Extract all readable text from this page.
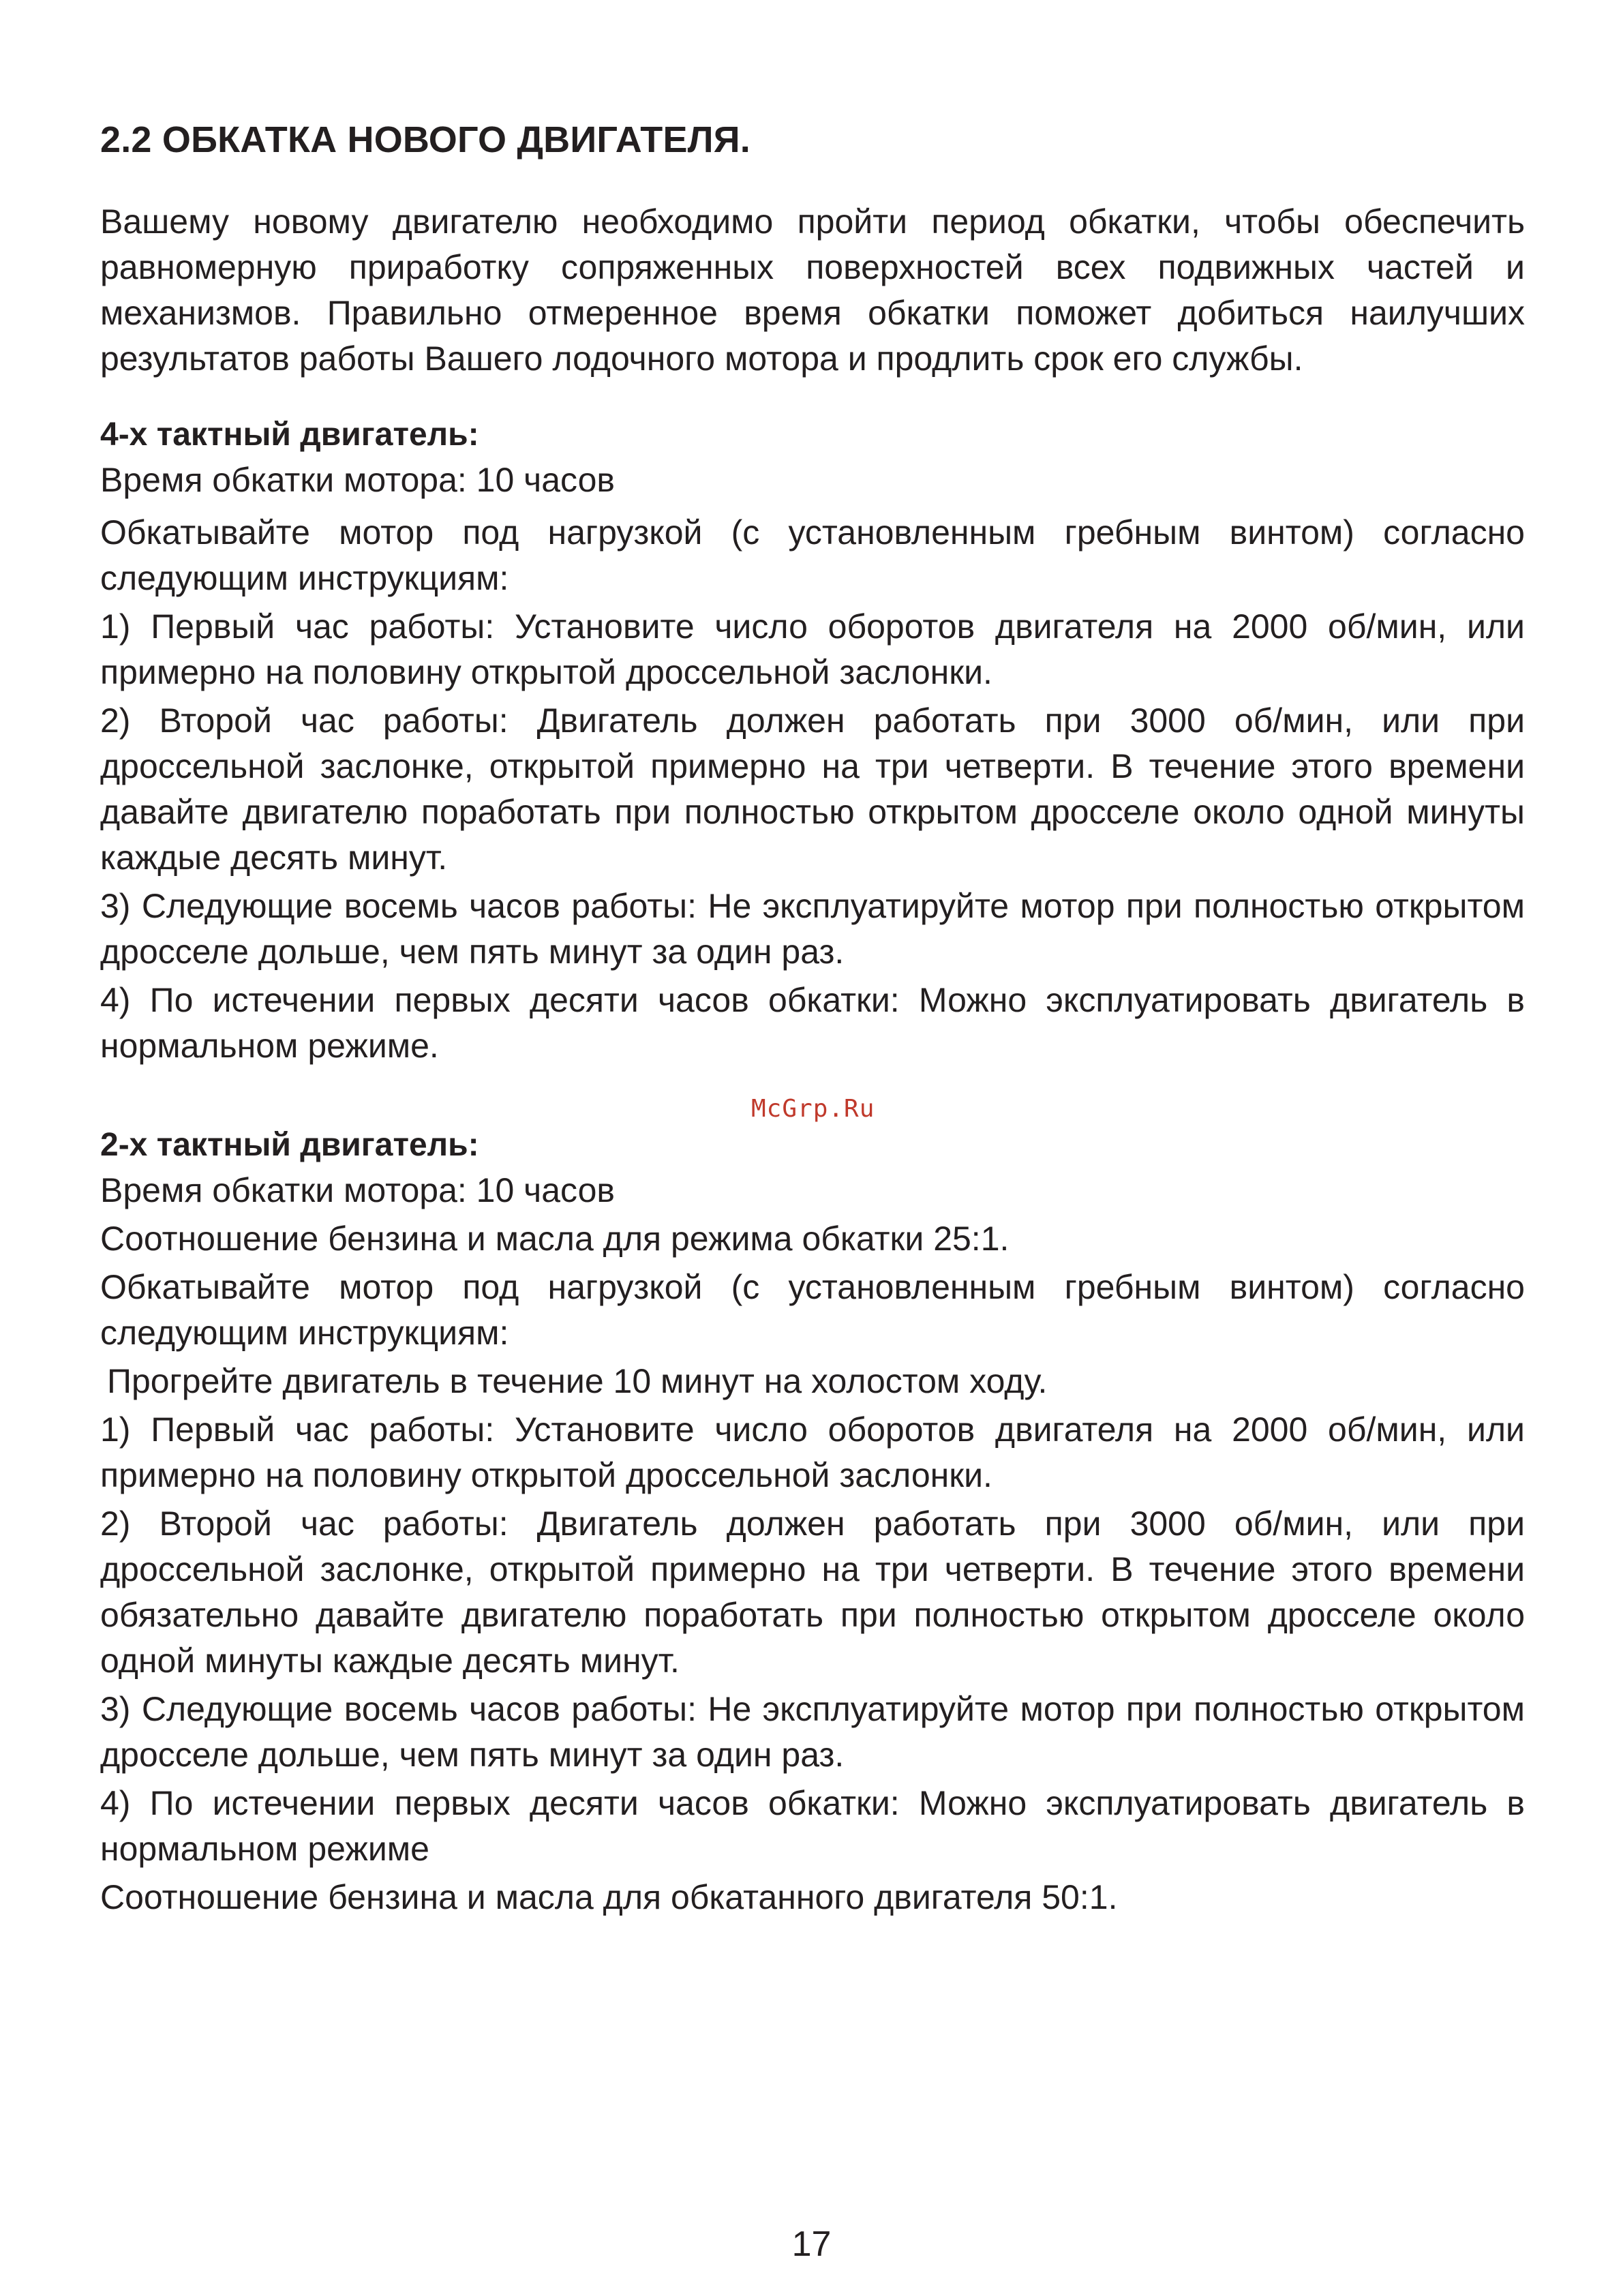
2.2 ОБКАТКА НОВОГО ДВИГАТЕЛЯ.

Вашему новому двигателю необходимо пройти период обкатки, чтобы обеспечить равномерную приработку сопряженных поверхностей всех подвижных частей и механизмов. Правильно отмеренное время обкатки поможет добиться наилучших результатов работы Вашего лодочного мотора и продлить срок его службы.

4-х тактный двигатель:

Время обкатки мотора: 10 часов

Обкатывайте мотор под нагрузкой (с установленным гребным винтом) согласно следующим инструкциям:

1) Первый час работы: Установите число оборотов двигателя на 2000 об/мин, или примерно на половину открытой дроссельной заслонки.

2) Второй час работы: Двигатель должен работать при 3000 об/мин, или при дроссельной заслонке, открытой примерно на три четверти. В течение этого времени давайте двигателю поработать при полностью открытом дросселе около одной минуты каждые десять минут.

3) Следующие восемь часов работы: Не эксплуатируйте мотор при полностью открытом дросселе дольше, чем пять минут за один раз.

4) По истечении первых десяти часов обкатки: Можно эксплуатировать двигатель в нормальном режиме.

2-х тактный двигатель:

Время обкатки мотора: 10 часов

Соотношение бензина и масла для режима обкатки 25:1.

Обкатывайте мотор под нагрузкой (с установленным гребным винтом) согласно следующим инструкциям:

Прогрейте двигатель в течение 10 минут на холостом ходу.

1) Первый час работы: Установите число оборотов двигателя на 2000 об/мин, или примерно на половину открытой дроссельной заслонки.

2) Второй час работы: Двигатель должен работать при 3000 об/мин, или при дроссельной заслонке, открытой примерно на три четверти. В течение этого времени обязательно давайте двигателю поработать при полностью открытом дросселе около одной минуты каждые десять минут.

3) Следующие восемь часов работы: Не эксплуатируйте мотор при полностью открытом дросселе дольше, чем пять минут за один раз.

4) По истечении первых десяти часов обкатки: Можно эксплуатировать двигатель в нормальном режиме

Соотношение бензина и масла для обкатанного двигателя 50:1.

McGrp.Ru
17
